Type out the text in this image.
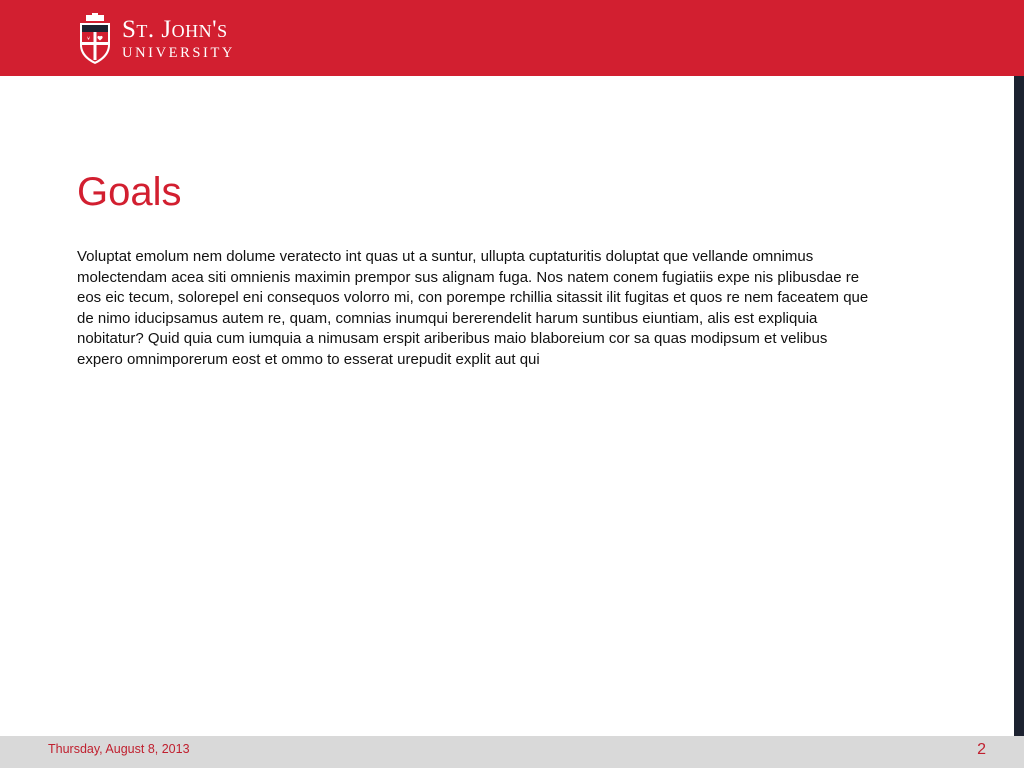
St. John's
UNIVERSITY
Goals

Voluptat emolum nem dolume veratecto int quas ut a suntur, ullupta cuptaturitis doluptat que vellande omnimus molectendam acea siti omnienis maximin prempor sus alignam fuga. Nos natem conem fugiatiis expe nis plibusdae re eos eic tecum, solorepel eni consequos volorro mi, con porempe rchillia sitassit ilit fugitas et quos re nem faceatem que de nimo iducipsamus autem re, quam, comnias inumqui bererendelit harum suntibus eiuntiam, alis est expliquia nobitatur? Quid quia cum iumquia a nimusam erspit ariberibus maio blaboreium cor sa quas modipsum et velibus expero omnimporerum eost et ommo to esserat urepudit explit aut qui

Thursday, August 8, 2013	2
